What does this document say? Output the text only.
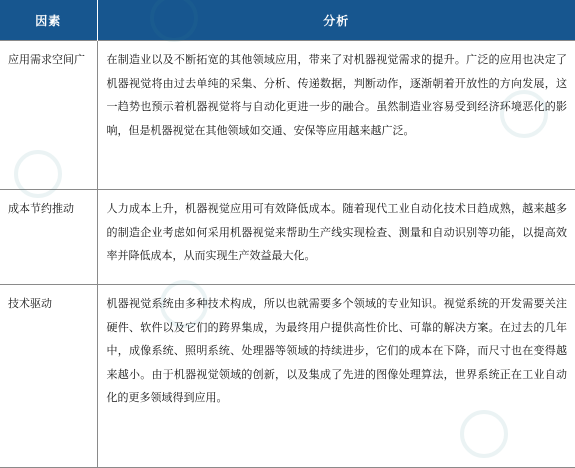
因素	分析

应用需求空间广	在制造业以及不断拓宽的其他领域应用，带来了对机器视觉需求的提升。广泛的应用也决定了机器视觉将由过去单纯的采集、分析、传递数据，判断动作，逐渐朝着开放性的方向发展，这一趋势也预示着机器视觉将与自动化更进一步的融合。虽然制造业容易受到经济环境恶化的影响，但是机器视觉在其他领域如交通、安保等应用越来越广泛。

成本节约推动	人力成本上升，机器视觉应用可有效降低成本。随着现代工业自动化技术日趋成熟，越来越多的制造企业考虑如何采用机器视觉来帮助生产线实现检查、测量和自动识别等功能，以提高效率并降低成本，从而实现生产效益最大化。

技术驱动	机器视觉系统由多种技术构成，所以也就需要多个领域的专业知识。视觉系统的开发需要关注硬件、软件以及它们的跨界集成，为最终用户提供高性价比、可靠的解决方案。在过去的几年中，成像系统、照明系统、处理器等领域的持续进步，它们的成本在下降，而尺寸也在变得越来越小。由于机器视觉领域的创新，以及集成了先进的图像处理算法，世界系统正在工业自动化的更多领域得到应用。
